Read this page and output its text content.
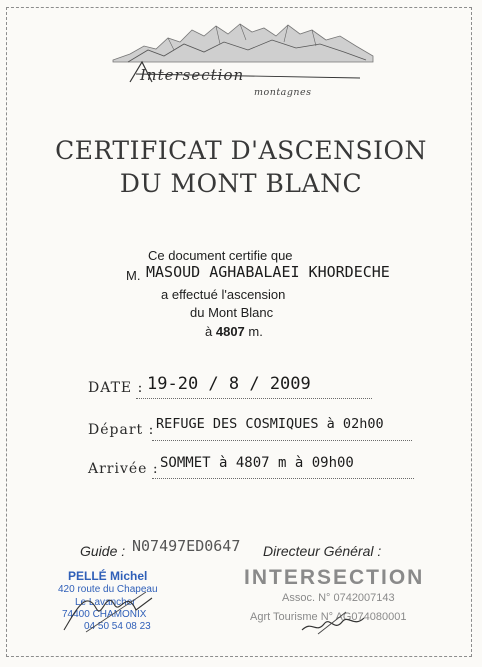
Intersection
montagnes
CERTIFICAT D'ASCENSION
DU MONT BLANC
Ce document certifie que
M. MASOUD AGHABALAEI KHORDECHE
a effectué l'ascension
du Mont Blanc
à 4807 m.
DATE : 19-20 / 8 / 2009
Départ : REFUGE DES COSMIQUES à 02h00
Arrivée : SOMMET à 4807 m à 09h00
Guide : N07497ED0647 Directeur Général :
PELLÉ Michel
420 route du Chapeau
Le Lavancher
74400 CHAMONIX
04 50 54 08 23
INTERSECTION
Assoc. N° 0742007143
Agrt Tourisme N° AG074080001
